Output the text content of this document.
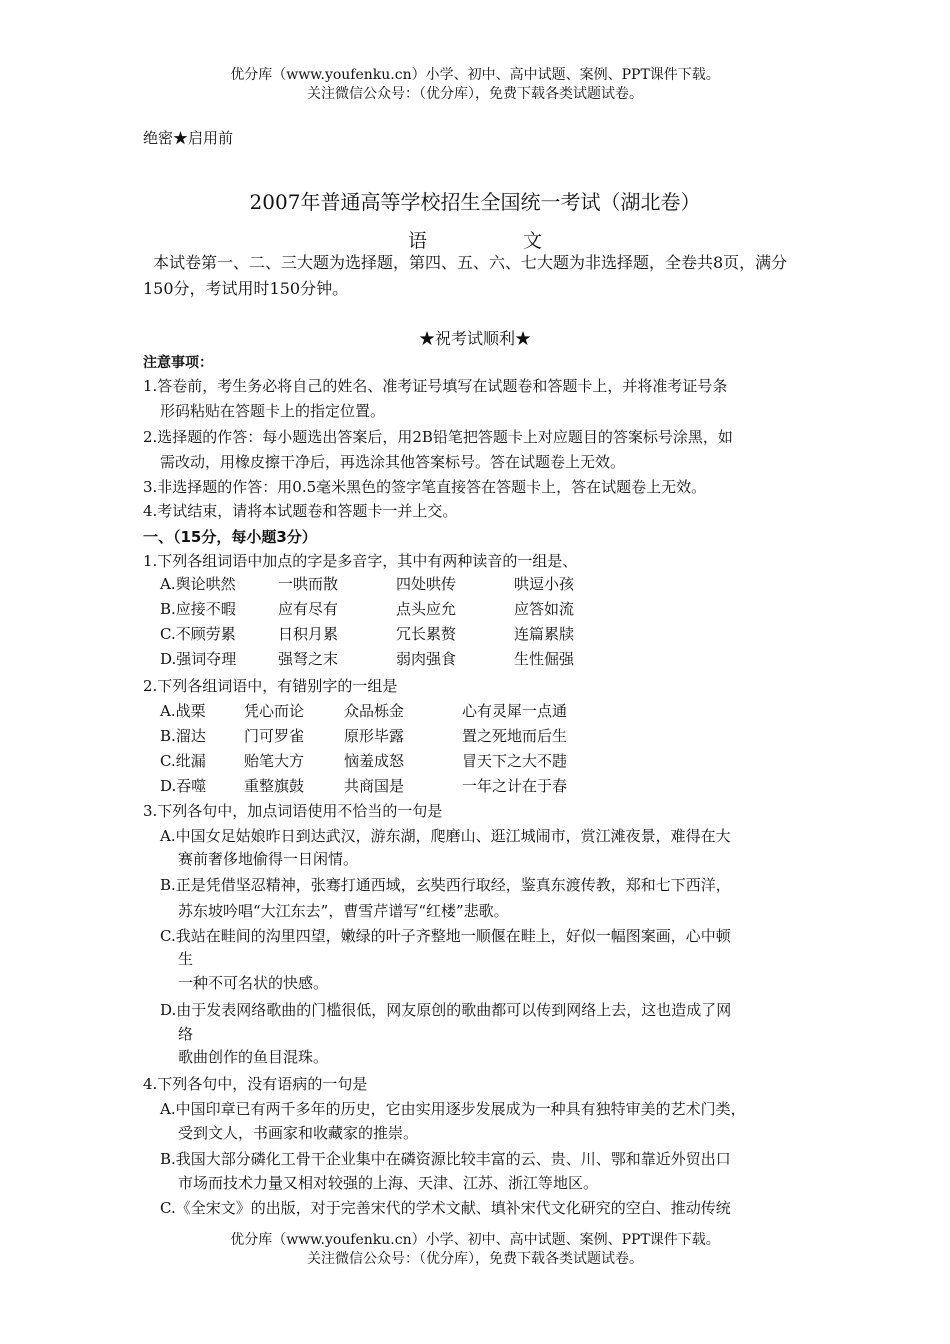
优分库（www.youfenku.cn）小学、初中、高中试题、案例、PPT课件下载。
关注微信公众号：（优分库），免费下载各类试题试卷。
绝密★启用前
2007年普通高等学校招生全国统一考试（湖北卷）
语	文
本试卷第一、二、三大题为选择题，第四、五、六、七大题为非选择题，全卷共8页，满分150分，考试用时150分钟。
★祝考试顺利★
注意事项：
1.答卷前，考生务必将自己的姓名、准考证号填写在试题卷和答题卡上，并将准考证号条
形码粘贴在答题卡上的指定位置。
2.选择题的作答：每小题选出答案后，用2B铅笔把答题卡上对应题目的答案标号涂黑，如
需改动，用橡皮擦干净后，再选涂其他答案标号。答在试题卷上无效。
3.非选择题的作答：用0.5毫米黑色的签字笔直接答在答题卡上，答在试题卷上无效。
4.考试结束，请将本试题卷和答题卡一并上交。
一、（15分，每小题3分）
1.下列各组词语中加点的字是多音字，其中有两种读音的一组是、
A.舆论哄然	一哄而散	四处哄传	哄逗小孩
B.应接不暇	应有尽有	点头应允	应答如流
C.不顾劳累	日积月累	冗长累赘	连篇累牍
D.强词夺理	强弩之末	弱肉强食	生性倔强
2.下列各组词语中，有错别字的一组是
A.战栗	凭心而论	众品栎金	心有灵犀一点通
B.溜达	门可罗雀	原形毕露	置之死地而后生
C.纰漏	贻笔大方	恼羞成怒	冒天下之大不韪
D.吞噬	重整旗鼓	共商国是	一年之计在于春
3.下列各句中，加点词语使用不恰当的一句是
A.中国女足姑娘昨日到达武汉，游东湖，爬磨山、逛江城闹市，赏江滩夜景，难得在大
赛前奢侈地偷得一日闲情。
B.正是凭借坚忍精神，张骞打通西域，玄奘西行取经，鉴真东渡传教，郑和七下西洋，
苏东坡吟唱“大江东去”，曹雪芹谱写“红楼”悲歌。
C.我站在畦间的沟里四望，嫩绿的叶子齐整地一顺偃在畦上，好似一幅图案画，心中顿
生
一种不可名状的快感。
D.由于发表网络歌曲的门槛很低，网友原创的歌曲都可以传到网络上去，这也造成了网
络
歌曲创作的鱼目混珠。
4.下列各句中，没有语病的一句是
A.中国印章已有两千多年的历史，它由实用逐步发展成为一种具有独特审美的艺术门类，
受到文人，书画家和收藏家的推崇。
B.我国大部分磷化工骨干企业集中在磷资源比较丰富的云、贵、川、鄂和靠近外贸出口
市场而技术力量又相对较强的上海、天津、江苏、浙江等地区。
C.《全宋文》的出版，对于完善宋代的学术文献、填补宋代文化研究的空白、推动传统
优分库（www.youfenku.cn）小学、初中、高中试题、案例、PPT课件下载。
关注微信公众号：（优分库），免费下载各类试题试卷。
